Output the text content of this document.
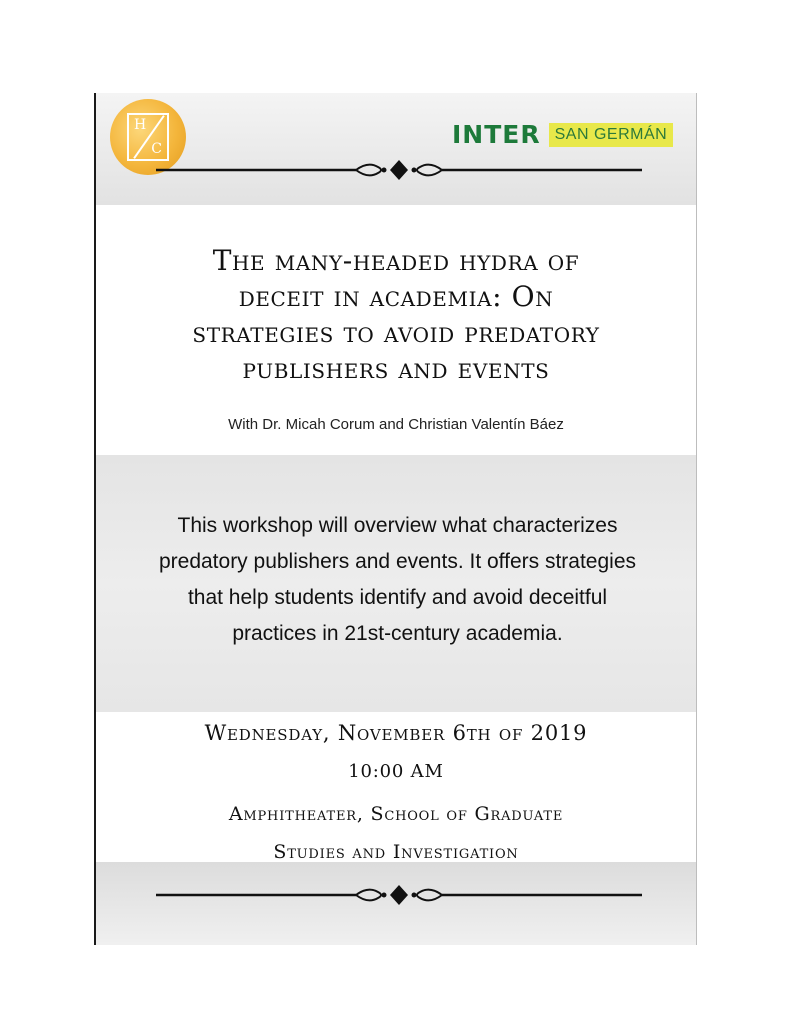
H
C	INTER SAN GERMÁN
The many-headed hydra of
deceit in academia: On
strategies to avoid predatory
publishers and events
With Dr. Micah Corum and Christian Valentín Báez
This workshop will overview what characterizes
predatory publishers and events. It offers strategies
that help students identify and avoid deceitful
practices in 21st-century academia.
Wednesday, November 6th of 2019
10:00 AM
Amphitheater, School of Graduate
Studies and Investigation
